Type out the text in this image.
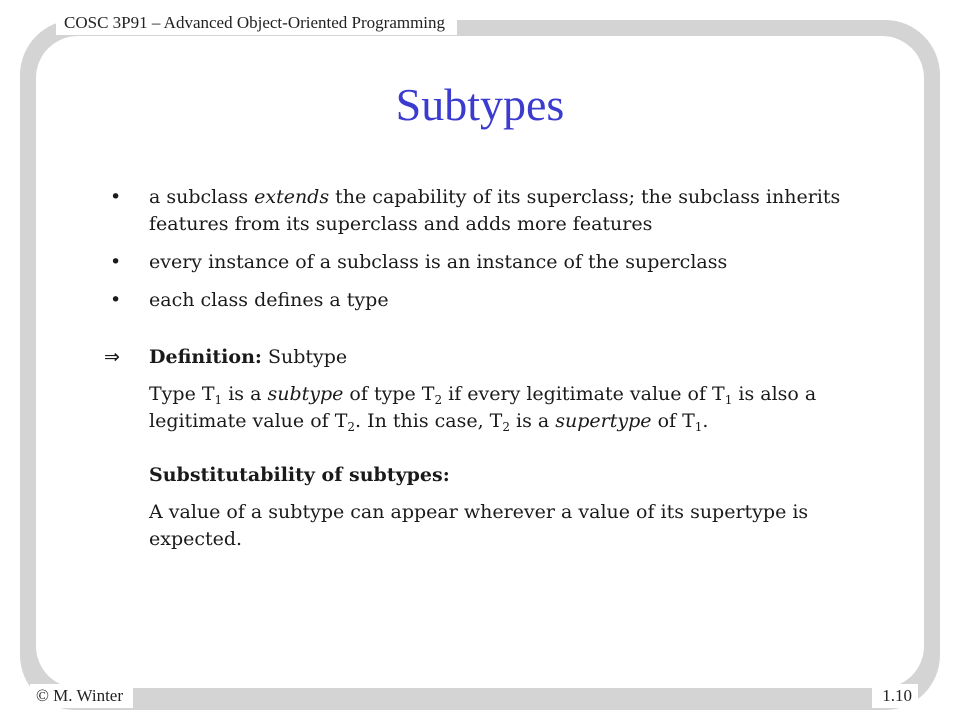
COSC 3P91 – Advanced Object-Oriented Programming
Subtypes
• a subclass extends the capability of its superclass; the subclass inherits features from its superclass and adds more features
• every instance of a subclass is an instance of the superclass
• each class defines a type
⇒ Definition: Subtype
Type $T_1$ is a subtype of type $T_2$ if every legitimate value of $T_1$ is also a legitimate value of $T_2$. In this case, $T_2$ is a supertype of $T_1$.
Substitutability of subtypes:
A value of a subtype can appear wherever a value of its supertype is expected.
© M. Winter	1.10
